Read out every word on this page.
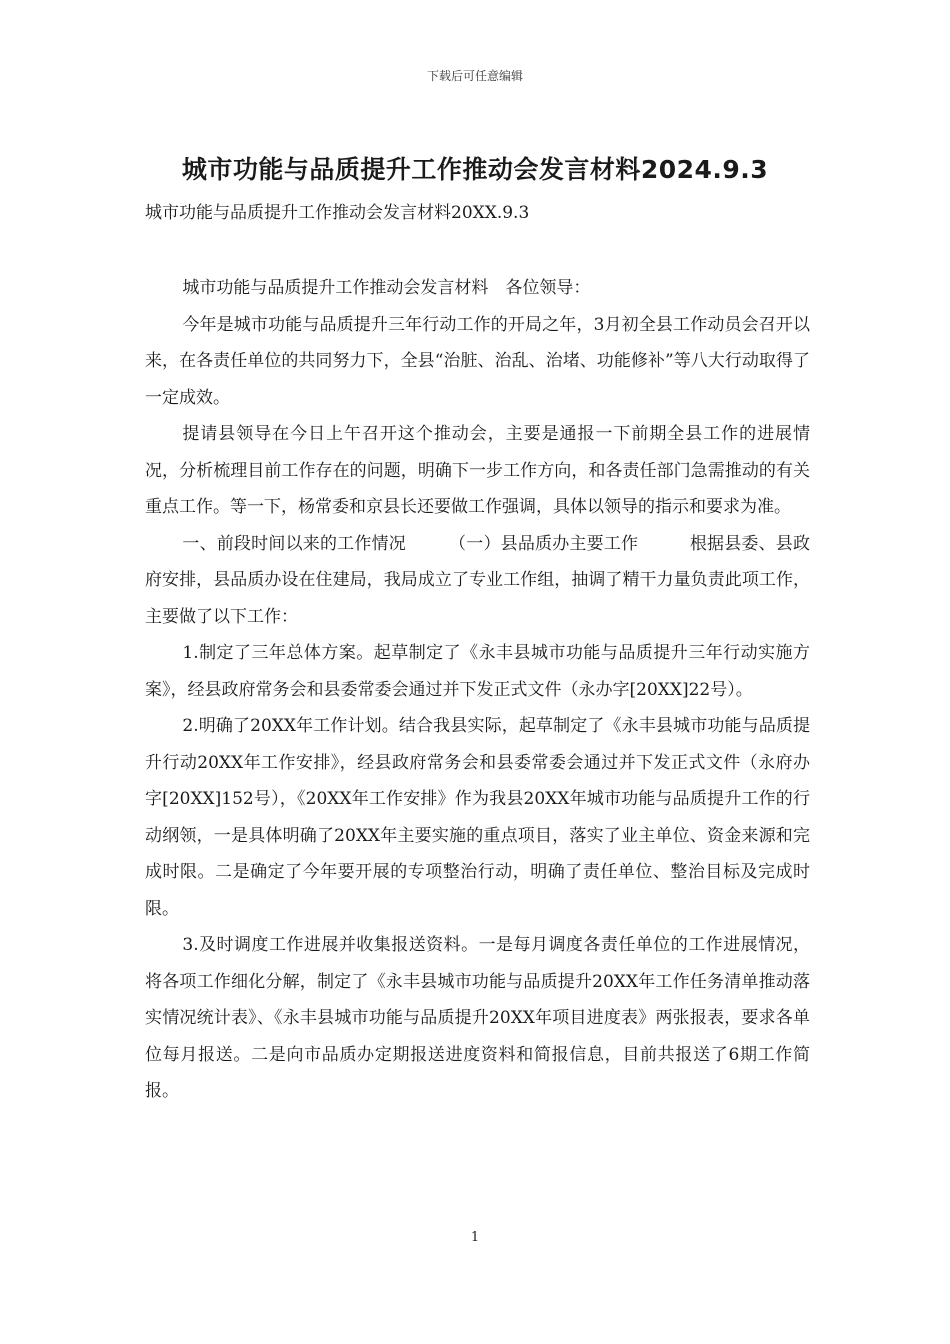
下载后可任意编辑
城市功能与品质提升工作推动会发言材料2024.9.3
城市功能与品质提升工作推动会发言材料20XX.9.3

城市功能与品质提升工作推动会发言材料　各位领导：

今年是城市功能与品质提升三年行动工作的开局之年，3月初全县工作动员会召开以来，在各责任单位的共同努力下，全县“治脏、治乱、治堵、功能修补”等八大行动取得了一定成效。

提请县领导在今日上午召开这个推动会，主要是通报一下前期全县工作的进展情况，分析梳理目前工作存在的问题，明确下一步工作方向，和各责任部门急需推动的有关重点工作。等一下，杨常委和京县长还要做工作强调，具体以领导的指示和要求为准。

一、前段时间以来的工作情况　　　（一）县品质办主要工作　　　根据县委、县政府安排，县品质办设在住建局，我局成立了专业工作组，抽调了精干力量负责此项工作，主要做了以下工作：

1.制定了三年总体方案。起草制定了《永丰县城市功能与品质提升三年行动实施方案》，经县政府常务会和县委常委会通过并下发正式文件（永办字[20XX]22号）。

2.明确了20XX年工作计划。结合我县实际，起草制定了《永丰县城市功能与品质提升行动20XX年工作安排》，经县政府常务会和县委常委会通过并下发正式文件（永府办字[20XX]152号），《20XX年工作安排》作为我县20XX年城市功能与品质提升工作的行动纲领，一是具体明确了20XX年主要实施的重点项目，落实了业主单位、资金来源和完成时限。二是确定了今年要开展的专项整治行动，明确了责任单位、整治目标及完成时限。

3.及时调度工作进展并收集报送资料。一是每月调度各责任单位的工作进展情况，将各项工作细化分解，制定了《永丰县城市功能与品质提升20XX年工作任务清单推动落实情况统计表》、《永丰县城市功能与品质提升20XX年项目进度表》两张报表，要求各单位每月报送。二是向市品质办定期报送进度资料和简报信息，目前共报送了6期工作简报。

1
